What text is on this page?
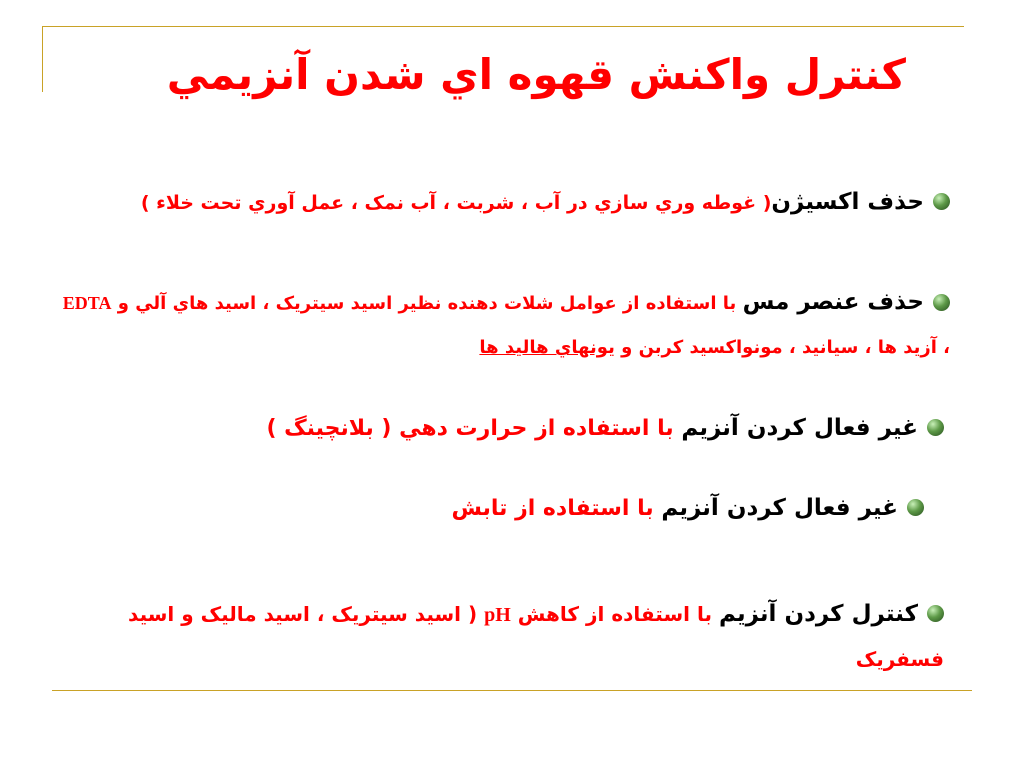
كنترل واكنش قهوه اي شدن آنزيمي
حذف اكسيژن( غوطه وري سازي در آب ، شربت ، آب نمک ، عمل آوري تحت خلاء )
حذف عنصر مس با استفاده از عوامل شلات دهنده نظير اسيد سيتريک ، اسيد هاي آلي و EDTA ، آزيد ها ، سيانيد ، مونواكسيد كربن و يونهاي هاليد ها
غير فعال كردن آنزيم با استفاده از حرارت دهي ( بلانچينگ )
غير فعال كردن آنزيم با استفاده از تابش
كنترل كردن آنزيم با استفاده از كاهش pH ( اسيد سيتريک ، اسيد ماليک و اسيد فسفريک
